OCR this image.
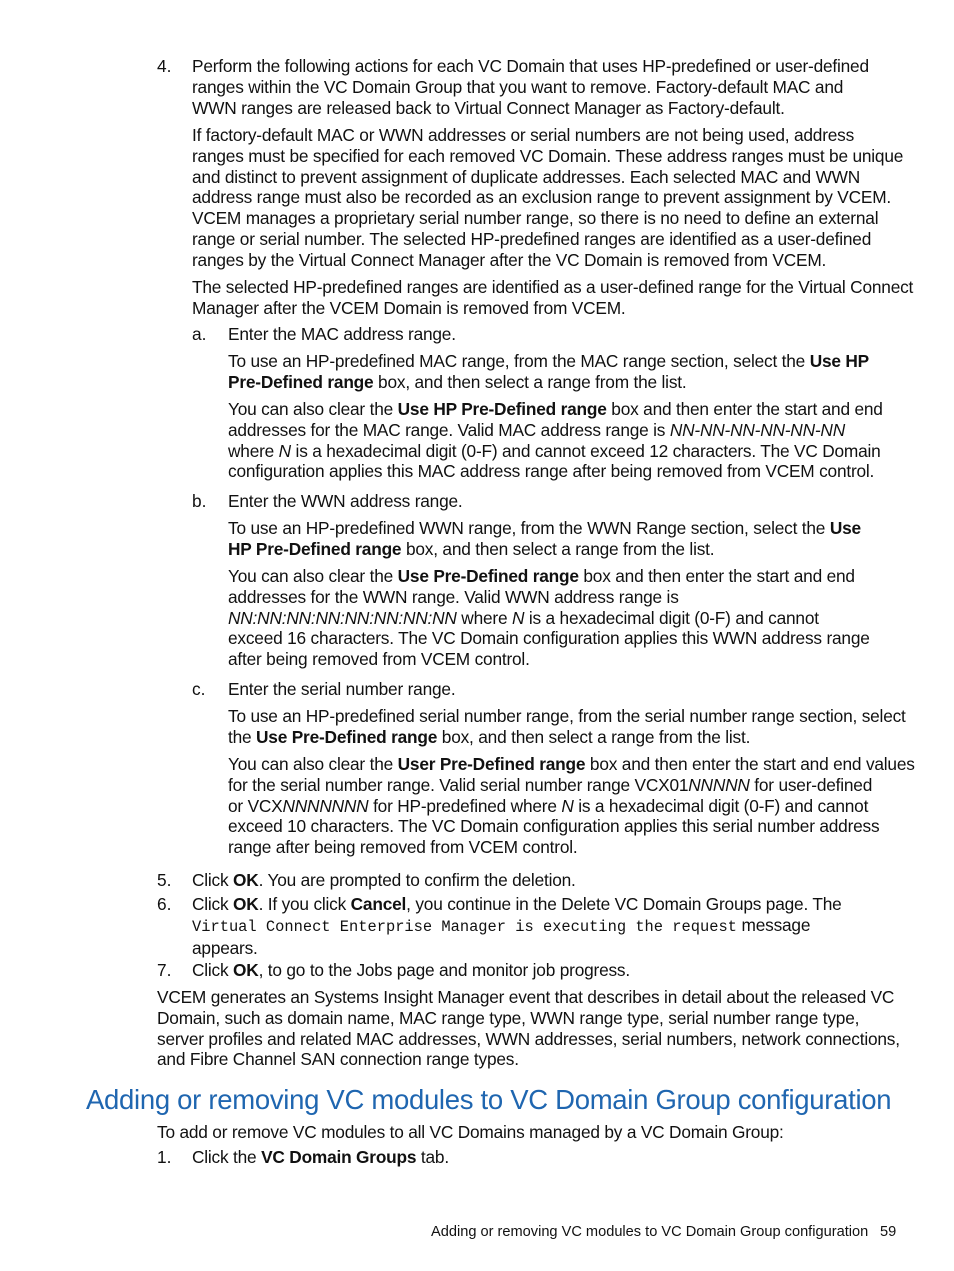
4. Perform the following actions for each VC Domain that uses HP-predefined or user-defined

ranges within the VC Domain Group that you want to remove. Factory-default MAC and

WWN ranges are released back to Virtual Connect Manager as Factory-default.

If factory-default MAC or WWN addresses or serial numbers are not being used, address

ranges must be specified for each removed VC Domain. These address ranges must be unique

and distinct to prevent assignment of duplicate addresses. Each selected MAC and WWN

address range must also be recorded as an exclusion range to prevent assignment by VCEM.

VCEM manages a proprietary serial number range, so there is no need to define an external

range or serial number. The selected HP-predefined ranges are identified as a user-defined

ranges by the Virtual Connect Manager after the VC Domain is removed from VCEM.

The selected HP-predefined ranges are identified as a user-defined range for the Virtual Connect

Manager after the VCEM Domain is removed from VCEM.

a. Enter the MAC address range.

To use an HP-predefined MAC range, from the MAC range section, select the Use HP

Pre-Defined range box, and then select a range from the list.

You can also clear the Use HP Pre-Defined range box and then enter the start and end

addresses for the MAC range. Valid MAC address range is NN-NN-NN-NN-NN-NN

where N is a hexadecimal digit (0-F) and cannot exceed 12 characters. The VC Domain

configuration applies this MAC address range after being removed from VCEM control.

b. Enter the WWN address range.

To use an HP-predefined WWN range, from the WWN Range section, select the Use

HP Pre-Defined range box, and then select a range from the list.

You can also clear the Use Pre-Defined range box and then enter the start and end

addresses for the WWN range. Valid WWN address range is

NN:NN:NN:NN:NN:NN:NN:NN where N is a hexadecimal digit (0-F) and cannot

exceed 16 characters. The VC Domain configuration applies this WWN address range

after being removed from VCEM control.

c. Enter the serial number range.

To use an HP-predefined serial number range, from the serial number range section, select

the Use Pre-Defined range box, and then select a range from the list.

You can also clear the User Pre-Defined range box and then enter the start and end values

for the serial number range. Valid serial number range VCX01NNNNN for user-defined

or VCXNNNNNNN for HP-predefined where N is a hexadecimal digit (0-F) and cannot

exceed 10 characters. The VC Domain configuration applies this serial number address

range after being removed from VCEM control.

5. Click OK. You are prompted to confirm the deletion.

6. Click OK. If you click Cancel, you continue in the Delete VC Domain Groups page. The

Virtual Connect Enterprise Manager is executing the request message

appears.

7. Click OK, to go to the Jobs page and monitor job progress.

VCEM generates an Systems Insight Manager event that describes in detail about the released VC

Domain, such as domain name, MAC range type, WWN range type, serial number range type,

server profiles and related MAC addresses, WWN addresses, serial numbers, network connections,

and Fibre Channel SAN connection range types.

Adding or removing VC modules to VC Domain Group configuration

To add or remove VC modules to all VC Domains managed by a VC Domain Group:

1. Click the VC Domain Groups tab.

Adding or removing VC modules to VC Domain Group configuration 59
